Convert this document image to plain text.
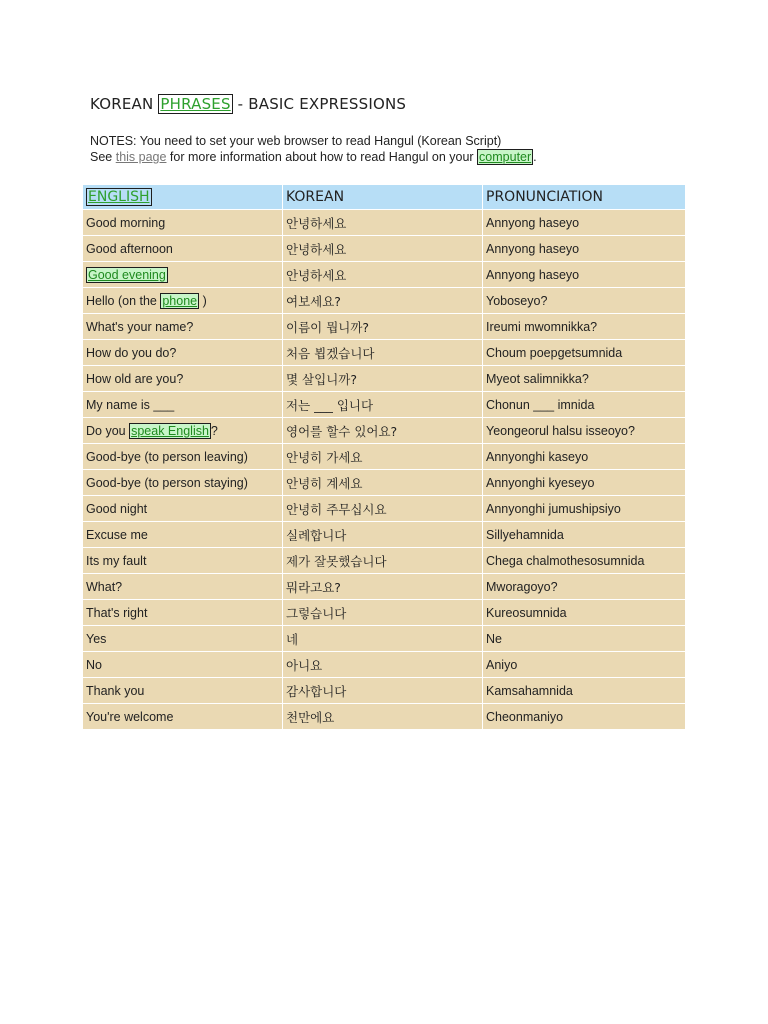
KOREAN PHRASES - BASIC EXPRESSIONS
NOTES: You need to set your web browser to read Hangul (Korean Script)
See this page for more information about how to read Hangul on your computer .
ENGLISH	KOREAN	PRONUNCIATION
Good morning	안녕하세요	Annyong haseyo
Good afternoon	안녕하세요	Annyong haseyo
Good evening	안녕하세요	Annyong haseyo
Hello (on the phone )	여보세요?	Yoboseyo?
What's your name?	이름이 뭡니까?	Ireumi mwomnikka?
How do you do?	처음 뵙겠습니다	Choum poepgetsumnida
How old are you?	몇 살입니까?	Myeot salimnikka?
My name is ___	저는 ___ 입니다	Chonun ___ imnida
Do you speak English ?	영어를 할수 있어요?	Yeongeorul halsu isseoyo?
Good-bye (to person leaving)	안녕히 가세요	Annyonghi kaseyo
Good-bye (to person staying)	안녕히 계세요	Annyonghi kyeseyo
Good night	안녕히 주무십시요	Annyonghi jumushipsiyo
Excuse me	실례합니다	Sillyehamnida
Its my fault	제가 잘못했습니다	Chega chalmothesosumnida
What?	뭐라고요?	Mworagoyo?
That's right	그렇습니다	Kureosumnida
Yes	네	Ne
No	아니요	Aniyo
Thank you	감사합니다	Kamsahamnida
You're welcome	천만에요	Cheonmaniyo
